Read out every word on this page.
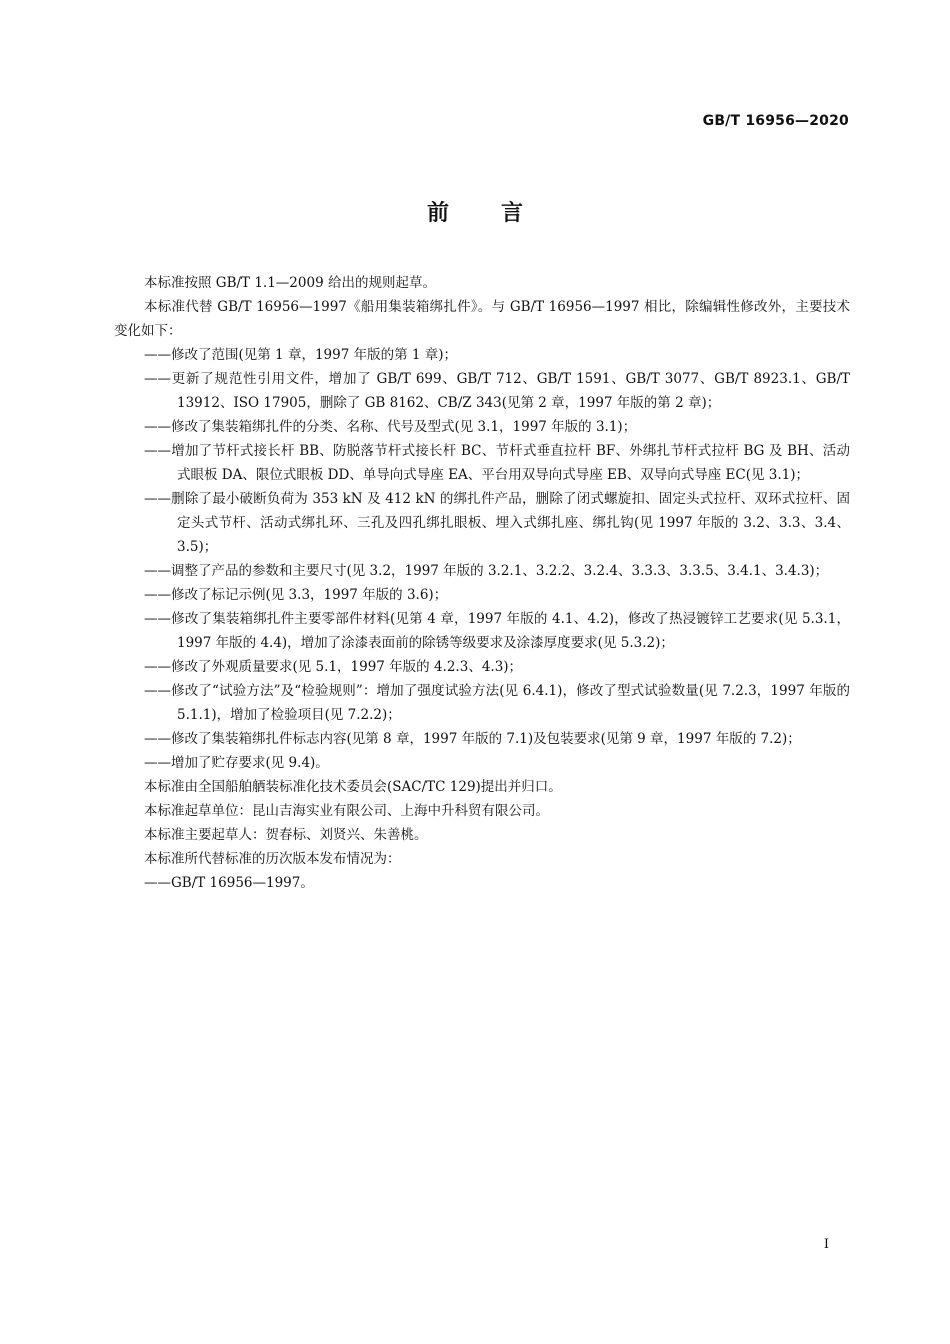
GB/T 16956—2020
前 言

本标准按照 GB/T 1.1—2009 给出的规则起草。

本标准代替 GB/T 16956—1997《船用集装箱绑扎件》。与 GB/T 16956—1997 相比，除编辑性修改外，主要技术变化如下：

——修改了范围(见第 1 章，1997 年版的第 1 章)；

——更新了规范性引用文件，增加了 GB/T 699、GB/T 712、GB/T 1591、GB/T 3077、GB/T 8923.1、GB/T 13912、ISO 17905，删除了 GB 8162、CB/Z 343(见第 2 章，1997 年版的第 2 章)；

——修改了集装箱绑扎件的分类、名称、代号及型式(见 3.1，1997 年版的 3.1)；

——增加了节杆式接长杆 BB、防脱落节杆式接长杆 BC、节杆式垂直拉杆 BF、外绑扎节杆式拉杆 BG 及 BH、活动式眼板 DA、限位式眼板 DD、单导向式导座 EA、平台用双导向式导座 EB、双导向式导座 EC(见 3.1)；

——删除了最小破断负荷为 353 kN 及 412 kN 的绑扎件产品，删除了闭式螺旋扣、固定头式拉杆、双环式拉杆、固定头式节杆、活动式绑扎环、三孔及四孔绑扎眼板、埋入式绑扎座、绑扎钩(见 1997 年版的 3.2、3.3、3.4、3.5)；

——调整了产品的参数和主要尺寸(见 3.2，1997 年版的 3.2.1、3.2.2、3.2.4、3.3.3、3.3.5、3.4.1、3.4.3)；

——修改了标记示例(见 3.3，1997 年版的 3.6)；

——修改了集装箱绑扎件主要零部件材料(见第 4 章，1997 年版的 4.1、4.2)，修改了热浸镀锌工艺要求(见 5.3.1，1997 年版的 4.4)，增加了涂漆表面前的除锈等级要求及涂漆厚度要求(见 5.3.2)；

——修改了外观质量要求(见 5.1，1997 年版的 4.2.3、4.3)；

——修改了“试验方法”及“检验规则”：增加了强度试验方法(见 6.4.1)，修改了型式试验数量(见 7.2.3，1997 年版的 5.1.1)，增加了检验项目(见 7.2.2)；

——修改了集装箱绑扎件标志内容(见第 8 章，1997 年版的 7.1)及包装要求(见第 9 章，1997 年版的 7.2)；

——增加了贮存要求(见 9.4)。

本标准由全国船舶舾装标准化技术委员会(SAC/TC 129)提出并归口。

本标准起草单位：昆山吉海实业有限公司、上海中升科贸有限公司。

本标准主要起草人：贺春标、刘贤兴、朱善桃。

本标准所代替标准的历次版本发布情况为：

——GB/T 16956—1997。

I
